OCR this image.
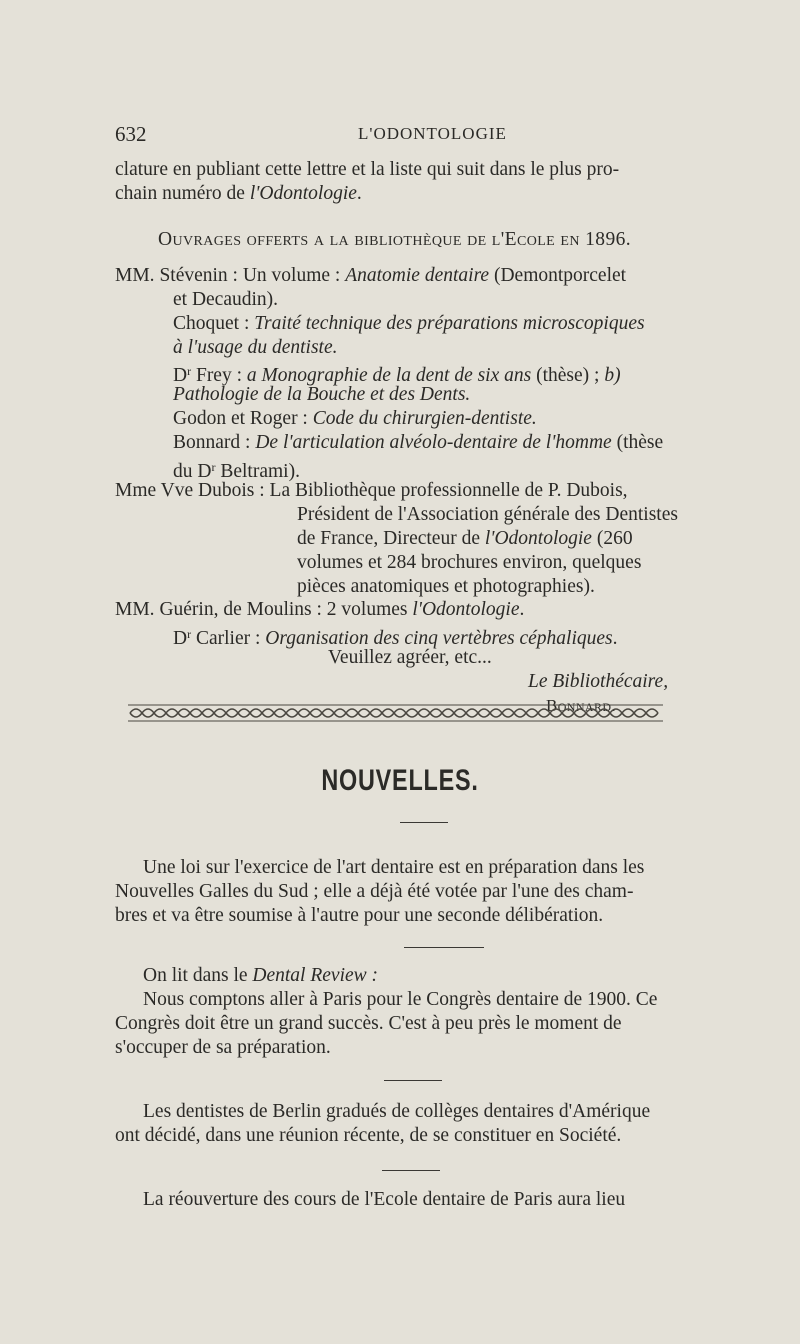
632	L'ODONTOLOGIE
clature en publiant cette lettre et la liste qui suit dans le plus pro-
chain numéro de l'Odontologie.
Ouvrages offerts a la bibliothèque de l'Ecole en 1896.
MM. Stévenin : Un volume : Anatomie dentaire (Demontporcelet
et Decaudin).
Choquet : Traité technique des préparations microscopiques
à l'usage du dentiste.
$D^r$ Frey : a Monographie de la dent de six ans (thèse) ; b)
Pathologie de la Bouche et des Dents.
Godon et Roger : Code du chirurgien-dentiste.
Bonnard : De l'articulation alvéolo-dentaire de l'homme (thèse
du $D^r$ Beltrami).
Mme Vve Dubois : La Bibliothèque professionnelle de P. Dubois,
Président de l'Association générale des Dentistes
de France, Directeur de l'Odontologie (260
volumes et 284 brochures environ, quelques
pièces anatomiques et photographies).
MM. Guérin, de Moulins : 2 volumes l'Odontologie.
$D^r$ Carlier : Organisation des cinq vertèbres céphaliques.
Veuillez agréer, etc...
Le Bibliothécaire,
Bonnard.
NOUVELLES.
Une loi sur l'exercice de l'art dentaire est en préparation dans les
Nouvelles Galles du Sud ; elle a déjà été votée par l'une des cham-
bres et va être soumise à l'autre pour une seconde délibération.
On lit dans le Dental Review :
Nous comptons aller à Paris pour le Congrès dentaire de 1900. Ce
Congrès doit être un grand succès. C'est à peu près le moment de
s'occuper de sa préparation.
Les dentistes de Berlin gradués de collèges dentaires d'Amérique
ont décidé, dans une réunion récente, de se constituer en Société.
La réouverture des cours de l'Ecole dentaire de Paris aura lieu
